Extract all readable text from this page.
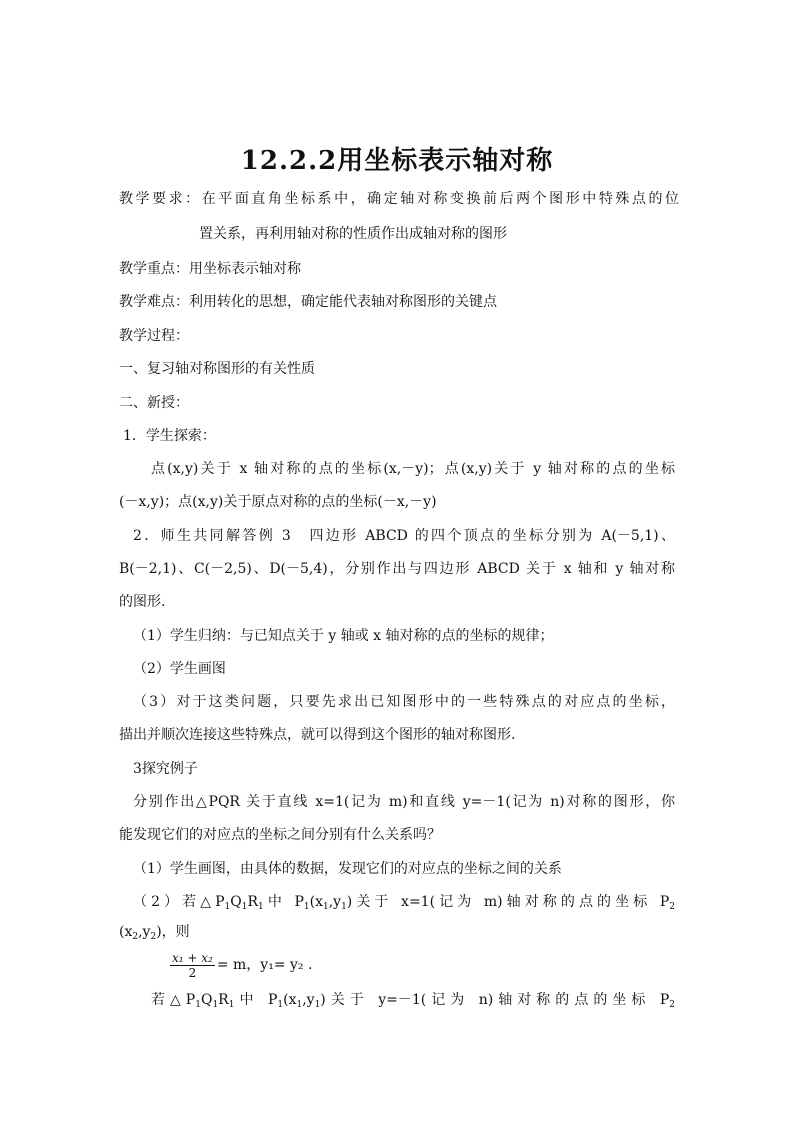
12.2.2用坐标表示轴对称
教学要求：在平面直角坐标系中，确定轴对称变换前后两个图形中特殊点的位
置关系，再利用轴对称的性质作出成轴对称的图形
教学重点：用坐标表示轴对称
教学难点：利用转化的思想，确定能代表轴对称图形的关键点
教学过程：
一、复习轴对称图形的有关性质
二、新授：
1．学生探索：
点(x,y)关于 x 轴对称的点的坐标(x,－y)；点(x,y)关于 y 轴对称的点的坐标
(－x,y)；点(x,y)关于原点对称的点的坐标(－x,－y)
2．师生共同解答例 3　四边形 ABCD 的四个顶点的坐标分别为 A(－5,1)、
B(－2,1)、C(－2,5)、D(－5,4)，分别作出与四边形 ABCD 关于 x 轴和 y 轴对称
的图形.
（1）学生归纳：与已知点关于 y 轴或 x 轴对称的点的坐标的规律；
（2）学生画图
（3）对于这类问题，只要先求出已知图形中的一些特殊点的对应点的坐标，
描出并顺次连接这些特殊点，就可以得到这个图形的轴对称图形.
3探究例子
分别作出△PQR 关于直线 x=1(记为 m)和直线 y=－1(记为 n)对称的图形，你
能发现它们的对应点的坐标之间分别有什么关系吗？
（1）学生画图，由具体的数据，发现它们的对应点的坐标之间的关系
（2）若$\triangle P_1Q_1R_1$中 $P_1(x_1,y_1)$关于 x=1(记为 m)轴对称的点的坐标 $P_2$
$(x_2,y_2)$，则
$\frac{\text{x₁ + x₂}}{2} = m$，y₁= y₂ .
若$\triangle P_1Q_1R_1$中 $P_1(x_1,y_1)$关于 y=－1(记为 n)轴对称的点的坐标 $P_2$
